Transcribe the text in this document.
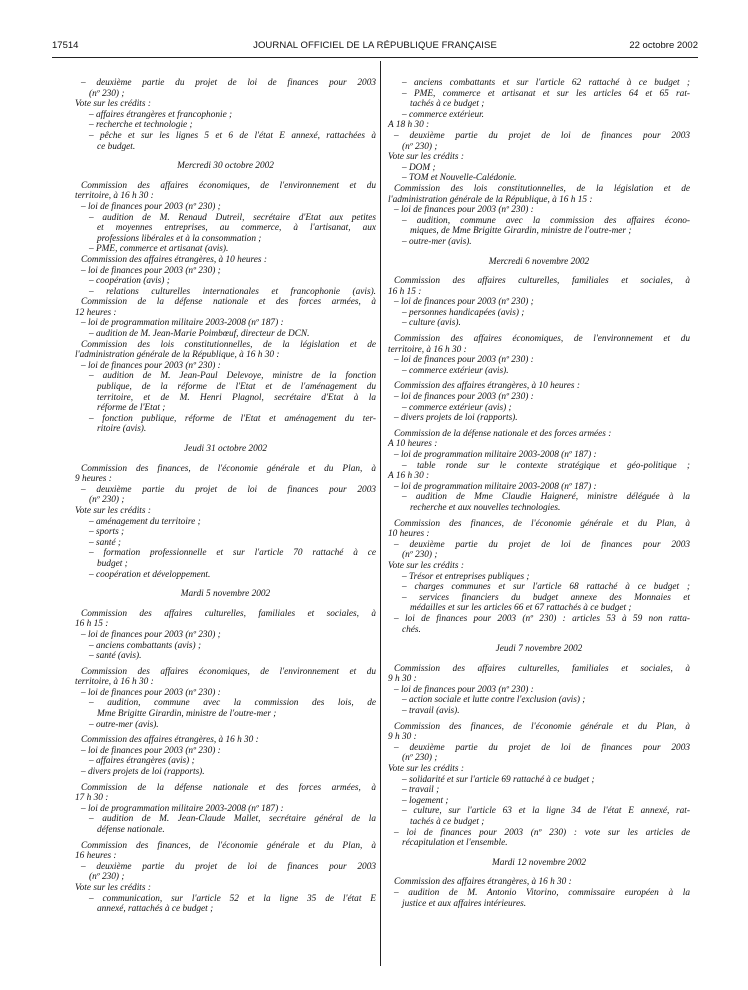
17514	JOURNAL OFFICIEL DE LA RÉPUBLIQUE FRANÇAISE	22 octobre 2002
– deuxième partie du projet de loi de finances pour 2003
(nº 230) ;
Vote sur les crédits :
– affaires étrangères et francophonie ;
– recherche et technologie ;
– pêche et sur les lignes 5 et 6 de l'état E annexé, rattachées à
ce budget.
Mercredi 30 octobre 2002
Commission des affaires économiques, de l'environnement et du
territoire, à 16 h 30 :
– loi de finances pour 2003 (nº 230) ;
– audition de M. Renaud Dutreil, secrétaire d'Etat aux petites
et moyennes entreprises, au commerce, à l'artisanat, aux
professions libérales et à la consommation ;
– PME, commerce et artisanat (avis).
Commission des affaires étrangères, à 10 heures :
– loi de finances pour 2003 (nº 230) ;
– coopération (avis) ;
– relations culturelles internationales et francophonie (avis).
Commission de la défense nationale et des forces armées, à
12 heures :
– loi de programmation militaire 2003-2008 (nº 187) :
– audition de M. Jean-Marie Poimbœuf, directeur de DCN.
Commission des lois constitutionnelles, de la législation et de
l'administration générale de la République, à 16 h 30 :
– loi de finances pour 2003 (nº 230) :
– audition de M. Jean-Paul Delevoye, ministre de la fonction
publique, de la réforme de l'Etat et de l'aménagement du
territoire, et de M. Henri Plagnol, secrétaire d'Etat à la
réforme de l'Etat ;
– fonction publique, réforme de l'Etat et aménagement du ter-
ritoire (avis).
Jeudi 31 octobre 2002
Commission des finances, de l'économie générale et du Plan, à
9 heures :
– deuxième partie du projet de loi de finances pour 2003
(nº 230) ;
Vote sur les crédits :
– aménagement du territoire ;
– sports ;
– santé ;
– formation professionnelle et sur l'article 70 rattaché à ce
budget ;
– coopération et développement.
Mardi 5 novembre 2002
Commission des affaires culturelles, familiales et sociales, à
16 h 15 :
– loi de finances pour 2003 (nº 230) ;
– anciens combattants (avis) ;
– santé (avis).
Commission des affaires économiques, de l'environnement et du
territoire, à 16 h 30 :
– loi de finances pour 2003 (nº 230) :
– audition, commune avec la commission des lois, de
Mme Brigitte Girardin, ministre de l'outre-mer ;
– outre-mer (avis).
Commission des affaires étrangères, à 16 h 30 :
– loi de finances pour 2003 (nº 230) :
– affaires étrangères (avis) ;
– divers projets de loi (rapports).
Commission de la défense nationale et des forces armées, à
17 h 30 :
– loi de programmation militaire 2003-2008 (nº 187) :
– audition de M. Jean-Claude Mallet, secrétaire général de la
défense nationale.
Commission des finances, de l'économie générale et du Plan, à
16 heures :
– deuxième partie du projet de loi de finances pour 2003
(nº 230) ;
Vote sur les crédits :
– communication, sur l'article 52 et la ligne 35 de l'état E
annexé, rattachés à ce budget ;
– anciens combattants et sur l'article 62 rattaché à ce budget ;
– PME, commerce et artisanat et sur les articles 64 et 65 rat-
tachés à ce budget ;
– commerce extérieur.
A 18 h 30 :
– deuxième partie du projet de loi de finances pour 2003
(nº 230) ;
Vote sur les crédits :
– DOM ;
– TOM et Nouvelle-Calédonie.
Commission des lois constitutionnelles, de la législation et de
l'administration générale de la République, à 16 h 15 :
– loi de finances pour 2003 (nº 230) :
– audition, commune avec la commission des affaires écono-
miques, de Mme Brigitte Girardin, ministre de l'outre-mer ;
– outre-mer (avis).
Mercredi 6 novembre 2002
Commission des affaires culturelles, familiales et sociales, à
16 h 15 :
– loi de finances pour 2003 (nº 230) ;
– personnes handicapées (avis) ;
– culture (avis).
Commission des affaires économiques, de l'environnement et du
territoire, à 16 h 30 :
– loi de finances pour 2003 (nº 230) :
– commerce extérieur (avis).
Commission des affaires étrangères, à 10 heures :
– loi de finances pour 2003 (nº 230) :
– commerce extérieur (avis) ;
– divers projets de loi (rapports).
Commission de la défense nationale et des forces armées :
A 10 heures :
– loi de programmation militaire 2003-2008 (nº 187) :
– table ronde sur le contexte stratégique et géo-politique ;
A 16 h 30 :
– loi de programmation militaire 2003-2008 (nº 187) :
– audition de Mme Claudie Haigneré, ministre déléguée à la
recherche et aux nouvelles technologies.
Commission des finances, de l'économie générale et du Plan, à
10 heures :
– deuxième partie du projet de loi de finances pour 2003
(nº 230) ;
Vote sur les crédits :
– Trésor et entreprises publiques ;
– charges communes et sur l'article 68 rattaché à ce budget ;
– services financiers du budget annexe des Monnaies et
médailles et sur les articles 66 et 67 rattachés à ce budget ;
– loi de finances pour 2003 (nº 230) : articles 53 à 59 non ratta-
chés.
Jeudi 7 novembre 2002
Commission des affaires culturelles, familiales et sociales, à
9 h 30 :
– loi de finances pour 2003 (nº 230) :
– action sociale et lutte contre l'exclusion (avis) ;
– travail (avis).
Commission des finances, de l'économie générale et du Plan, à
9 h 30 :
– deuxième partie du projet de loi de finances pour 2003
(nº 230) ;
Vote sur les crédits :
– solidarité et sur l'article 69 rattaché à ce budget ;
– travail ;
– logement ;
– culture, sur l'article 63 et la ligne 34 de l'état E annexé, rat-
tachés à ce budget ;
– loi de finances pour 2003 (nº 230) : vote sur les articles de
récapitulation et l'ensemble.
Mardi 12 novembre 2002
Commission des affaires étrangères, à 16 h 30 :
– audition de M. Antonio Vitorino, commissaire européen à la
justice et aux affaires intérieures.
